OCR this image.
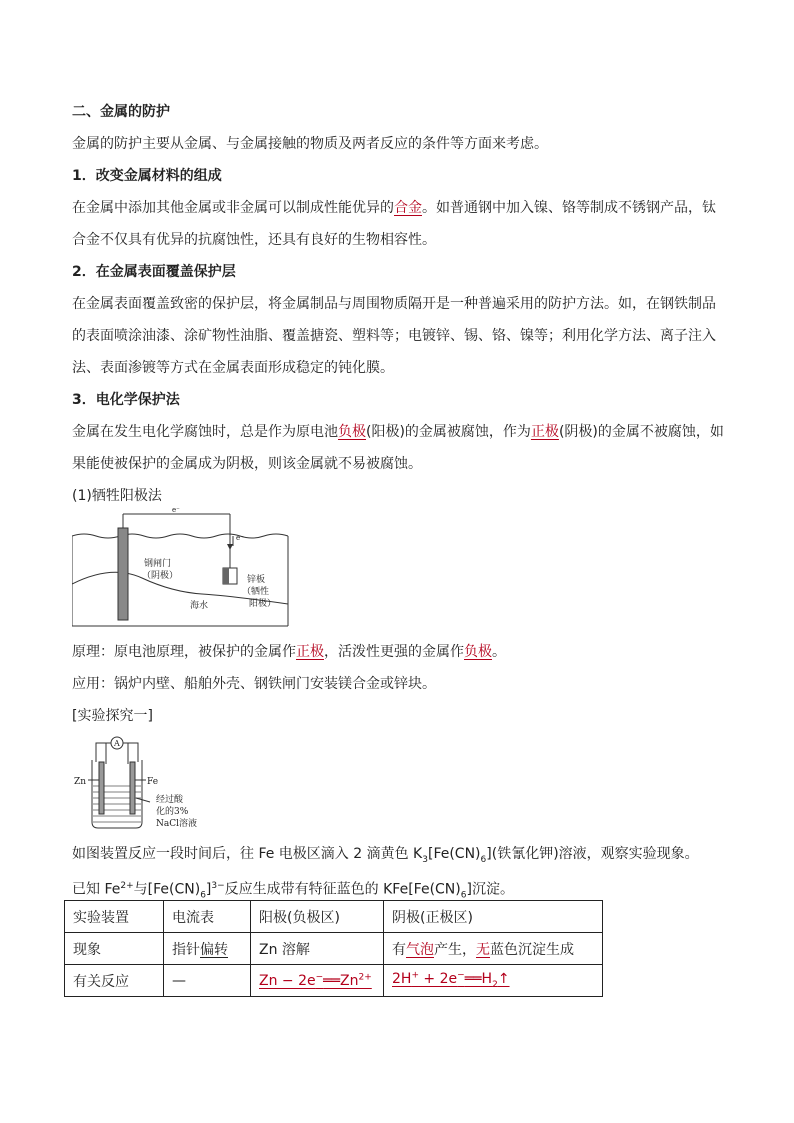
二、金属的防护
金属的防护主要从金属、与金属接触的物质及两者反应的条件等方面来考虑。
1．改变金属材料的组成
在金属中添加其他金属或非金属可以制成性能优异的合金。如普通钢中加入镍、铬等制成不锈钢产品，钛合金不仅具有优异的抗腐蚀性，还具有良好的生物相容性。
2．在金属表面覆盖保护层
在金属表面覆盖致密的保护层，将金属制品与周围物质隔开是一种普遍采用的防护方法。如，在钢铁制品的表面喷涂油漆、涂矿物性油脂、覆盖搪瓷、塑料等；电镀锌、锡、铬、镍等；利用化学方法、离子注入法、表面渗镀等方式在金属表面形成稳定的钝化膜。
3．电化学保护法
金属在发生电化学腐蚀时，总是作为原电池负极(阳极)的金属被腐蚀，作为正极(阴极)的金属不被腐蚀，如果能使被保护的金属成为阴极，则该金属就不易被腐蚀。
(1)牺牲阳极法
e⁻
e⁻
钢闸门
（阴极）	锌板
（牺性
阳极）
海水
原理：原电池原理，被保护的金属作正极，活泼性更强的金属作负极。
应用：锅炉内壁、船舶外壳、钢铁闸门安装镁合金或锌块。
[实验探究一]
A
Zn	Fe
经过酸
化的3%
NaCl溶液
如图装置反应一段时间后，往 Fe 电极区滴入 2 滴黄色 $K_3[Fe(CN)_6]$(铁氰化钾)溶液，观察实验现象。
已知 $Fe^{2+}$与$[Fe(CN)_6]^{3-}$反应生成带有特征蓝色的 $KFe[Fe(CN)_6]$沉淀。
实验装置	电流表	阳极(负极区)	阴极(正极区)
现象	指针偏转	Zn 溶解	有气泡产生，无蓝色沉淀生成
有关反应	—	$Zn - 2e^-══Zn^{2+}$	$2H^+ + 2e^-══H_2↑$
